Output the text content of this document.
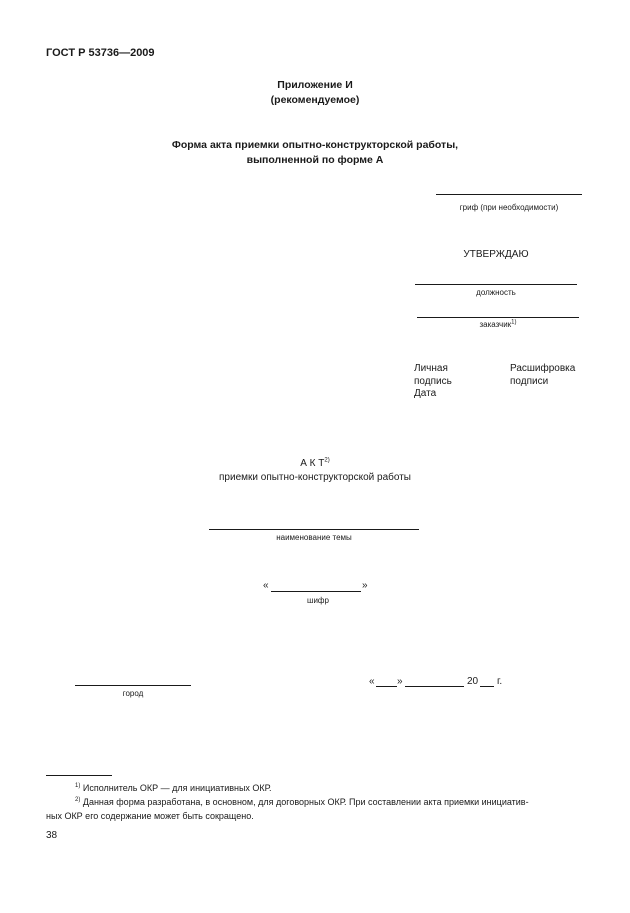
ГОСТ Р 53736—2009
Приложение И
(рекомендуемое)
Форма акта приемки опытно-конструкторской работы,
выполненной по форме А
гриф (при необходимости)
УТВЕРЖДАЮ
должность
заказчик$^{1)}$
Личная
подпись
Дата
Расшифровка
подписи
А К $Т^{2)}$
приемки опытно-конструкторской работы
наименование темы
«	»
шифр
город
« »	20 г.
$^{1)}$ Исполнитель ОКР — для инициативных ОКР.
$^{2)}$ Данная форма разработана, в основном, для договорных ОКР. При составлении акта приемки инициатив-
ных ОКР его содержание может быть сокращено.
38
